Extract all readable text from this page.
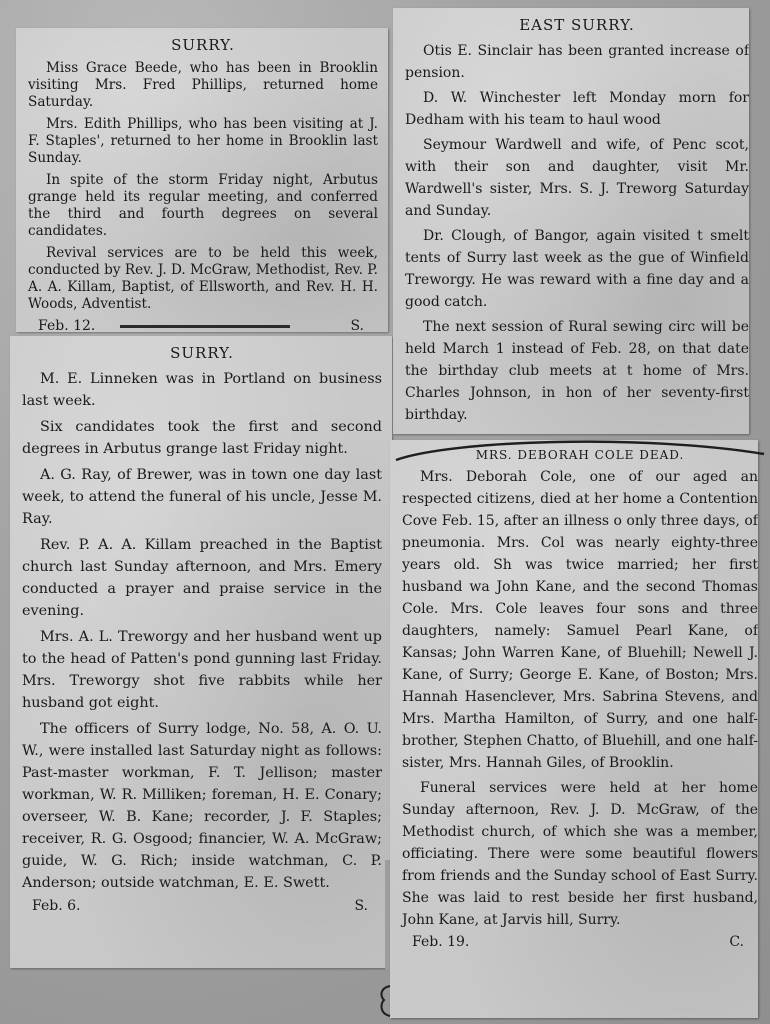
SURRY.

Miss Grace Beede, who has been in Brooklin visiting Mrs. Fred Phillips, returned home Saturday.

Mrs. Edith Phillips, who has been visiting at J. F. Staples', returned to her home in Brooklin last Sunday.

In spite of the storm Friday night, Arbutus grange held its regular meeting, and conferred the third and fourth degrees on several candidates.

Revival services are to be held this week, conducted by Rev. J. D. McGraw, Methodist, Rev. P. A. A. Killam, Baptist, of Ellsworth, and Rev. H. H. Woods, Adventist.

Feb. 12.	S.
SURRY.

M. E. Linneken was in Portland on business last week.

Six candidates took the first and second degrees in Arbutus grange last Friday night.

A. G. Ray, of Brewer, was in town one day last week, to attend the funeral of his uncle, Jesse M. Ray.

Rev. P. A. A. Killam preached in the Baptist church last Sunday afternoon, and Mrs. Emery conducted a prayer and praise service in the evening.

Mrs. A. L. Treworgy and her husband went up to the head of Patten's pond gunning last Friday. Mrs. Treworgy shot five rabbits while her husband got eight.

The officers of Surry lodge, No. 58, A. O. U. W., were installed last Saturday night as follows: Past-master workman, F. T. Jellison; master workman, W. R. Milliken; foreman, H. E. Conary; overseer, W. B. Kane; recorder, J. F. Staples; receiver, R. G. Osgood; financier, W. A. McGraw; guide, W. G. Rich; inside watchman, C. P. Anderson; outside watchman, E. E. Swett.

Feb. 6.	S.
EAST SURRY.

Otis E. Sinclair has been granted increase of pension.

D. W. Winchester left Monday morn for Dedham with his team to haul wood

Seymour Wardwell and wife, of Penc scot, with their son and daughter, visit Mr. Wardwell's sister, Mrs. S. J. Treworg Saturday and Sunday.

Dr. Clough, of Bangor, again visited t smelt tents of Surry last week as the gue of Winfield Treworgy. He was reward with a fine day and a good catch.

The next session of Rural sewing circ will be held March 1 instead of Feb. 28, on that date the birthday club meets at t home of Mrs. Charles Johnson, in hon of her seventy-first birthday.

MRS. DEBORAH COLE DEAD.

Mrs. Deborah Cole, one of our aged an respected citizens, died at her home a Contention Cove Feb. 15, after an illness o only three days, of pneumonia. Mrs. Col was nearly eighty-three years old. Sh was twice married; her first husband wa John Kane, and the second Thomas Cole. Mrs. Cole leaves four sons and three daughters, namely: Samuel Pearl Kane, of Kansas; John Warren Kane, of Bluehill; Newell J. Kane, of Surry; George E. Kane, of Boston; Mrs. Hannah Hasenclever, Mrs. Sabrina Stevens, and Mrs. Martha Hamilton, of Surry, and one half-brother, Stephen Chatto, of Bluehill, and one half-sister, Mrs. Hannah Giles, of Brooklin.

Funeral services were held at her home Sunday afternoon, Rev. J. D. McGraw, of the Methodist church, of which she was a member, officiating. There were some beautiful flowers from friends and the Sunday school of East Surry. She was laid to rest beside her first husband, John Kane, at Jarvis hill, Surry.

Feb. 19.	C.
